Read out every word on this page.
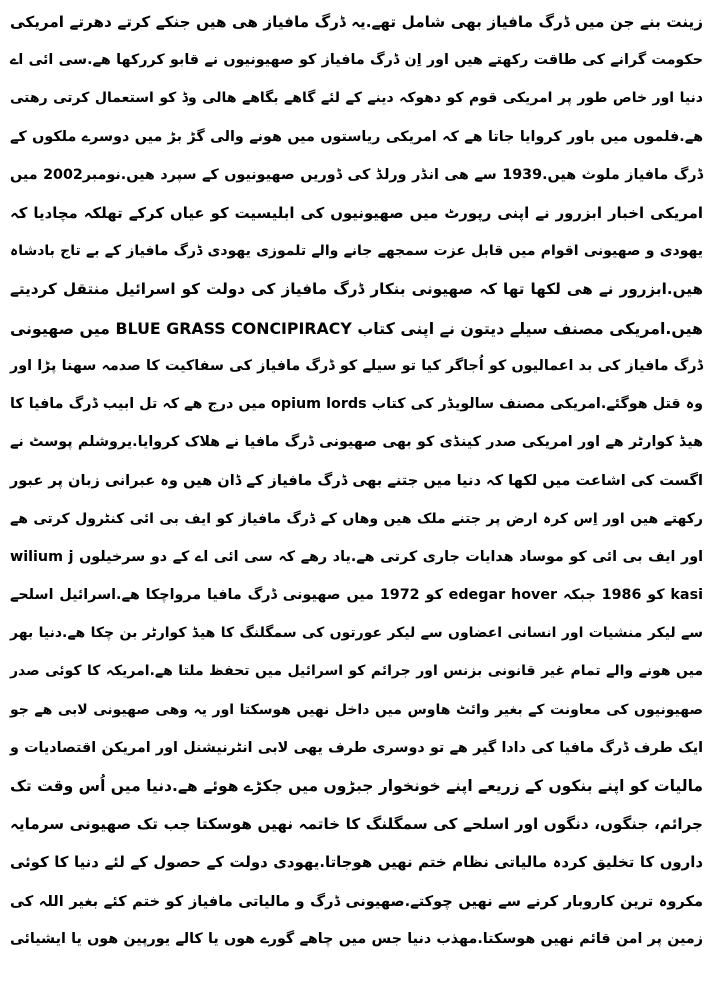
زینت بنے جن میں ڈرگ مافیاز بھی شامل تھے.یہ ڈرگ مافیاز ھی ھیں جنکے کرتے دھرتے امریکی
حکومت گرانے کی طاقت رکھتے ھیں اور اِن ڈرگ مافیاز کو صھیونیوں نے قابو کررکھا ھے.سی ائی اے
دنیا اور خاص طور پر امریکی قوم کو دھوکہ دینے کے لئے گاھے بگاھے ھالی وڈ کو استعمال کرتی رھتی
ھے.فلموں میں باور کروایا جاتا ھے کہ امریکی ریاستوں میں ھونے والی گڑ بڑ میں دوسرے ملکوں کے
ڈرگ مافیاز ملوث ھیں.1939 سے ھی انڈر ورلڈ کی ڈوریں صھیونیوں کے سپرد ھیں.نومبر2002 میں
امریکی اخبار ابزرور نے اپنی رپورٹ میں صھیونیوں کی ابلیسیت کو عیاں کرکے تھلکہ مچادیا کہ
یھودی و صھیونی اقوام میں قابل عزت سمجھے جانے والے تلموزی یھودی ڈرگ مافیاز کے بے تاج بادشاہ
ھیں.ابزرور نے ھی لکھا تھا کہ صھیونی بنکار ڈرگ مافیاز کی دولت کو اسرائیل منتقل کردیتے
ھیں.امریکی مصنف سیلے دیتون نے اپنی کتاب BLUE GRASS CONCIPIRACY میں صھیونی
ڈرگ مافیاز کی بد اعمالیوں کو اُجاگر کیا تو سیلے کو ڈرگ مافیاز کی سفاکیت کا صدمہ سھنا پڑا اور
وہ قتل ھوگئے.امریکی مصنف سالویڈر کی کتاب opium lords میں درج ھے کہ تل ابیب ڈرگ مافیا کا
ھیڈ کوارٹر ھے اور امریکی صدر کینڈی کو بھی صھیونی ڈرگ مافیا نے ھلاک کروایا.یروشلم پوسٹ نے
اگست کی اشاعت میں لکھا کہ دنیا میں جتنے بھی ڈرگ مافیاز کے ڈان ھیں وہ عبرانی زبان پر عبور
رکھتے ھیں اور اِس کرہ ارض پر جتنے ملک ھیں وھاں کے ڈرگ مافیاز کو ایف بی ائی کنٹرول کرتی ھے
اور ایف بی ائی کو موساد ھدایات جاری کرتی ھے.یاد رھے کہ سی ائی اے کے دو سرخیلوں wilium j
kasi کو 1986 جبکہ edegar hover کو 1972 میں صھیونی ڈرگ مافیا مرواچکا ھے.اسرائیل اسلحے
سے لیکر منشیات اور انسانی اعضاوں سے لیکر عورتوں کی سمگلنگ کا ھیڈ کوارٹر بن چکا ھے.دنیا بھر
میں ھونے والے تمام غیر قانونی بزنس اور جرائم کو اسرائیل میں تحفظ ملتا ھے.امریکہ کا کوئی صدر
صھیونیوں کی معاونت کے بغیر وائٹ ھاوس میں داخل نھیں ھوسکتا اور یہ وھی صھیونی لابی ھے جو
ایک طرف ڈرگ مافیا کی دادا گیر ھے تو دوسری طرف یھی لابی انٹرنیشنل اور امریکن اقتصادیات و
مالیات کو اپنے بنکوں کے زریعے اپنے خونخوار جبڑوں میں جکڑے ھوئے ھے.دنیا میں اُس وقت تک
جرائم، جنگوں، دنگوں اور اسلحے کی سمگلنگ کا خاتمہ نھیں ھوسکتا جب تک صھیونی سرمایہ
داروں کا تخلیق کردہ مالیاتی نظام ختم نھیں ھوجاتا.یھودی دولت کے حصول کے لئے دنیا کا کوئی
مکروہ ترین کاروبار کرنے سے نھیں چوکتے.صھیونی ڈرگ و مالیاتی مافیاز کو ختم کئے بغیر اللہ کی
زمین پر امن قائم نھیں ھوسکتا.مھذب دنیا جس میں چاھے گورے ھوں یا کالے یورپین ھوں یا ایشیائی
